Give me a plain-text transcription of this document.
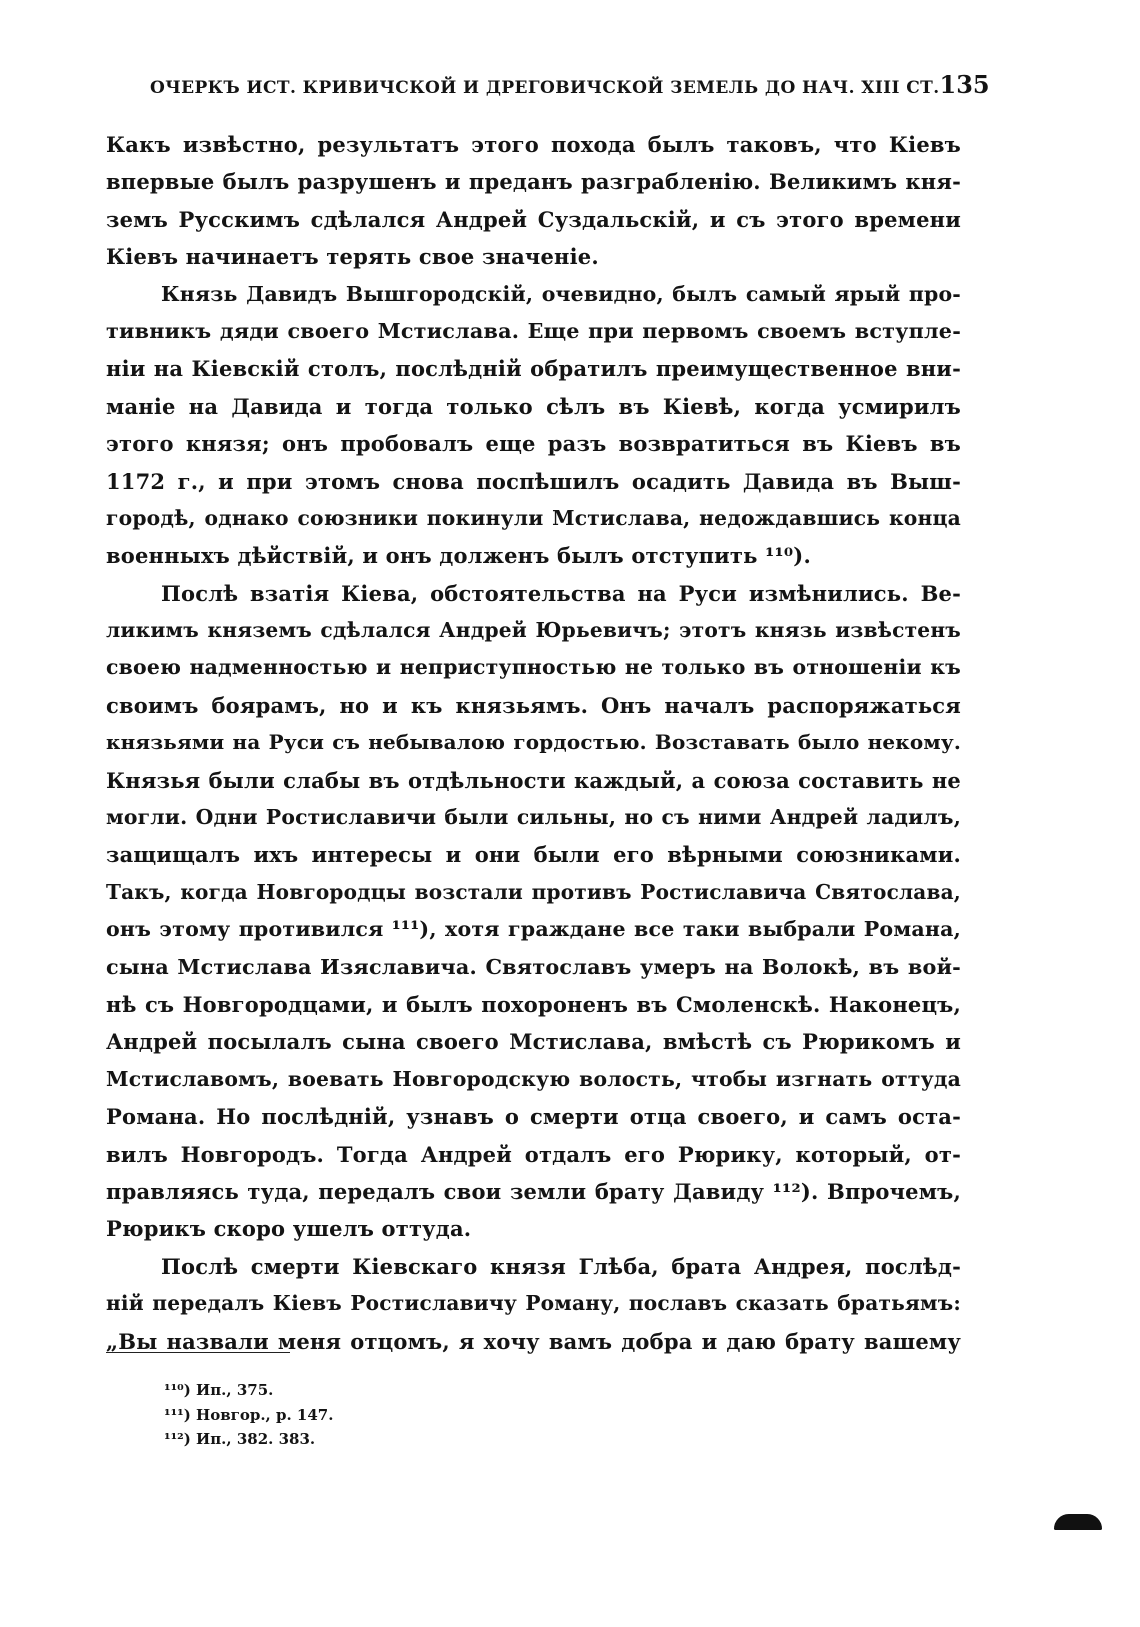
ОЧЕРКЪ ИСТ. КРИВИЧСКОЙ И ДРЕГОВИЧСКОЙ ЗЕМЕЛЬ ДО НАЧ. XIII СТ. 135
Какъ извѣстно, результатъ этого похода былъ таковъ, что Кіевъ
впервые былъ разрушенъ и преданъ разграбленію. Великимъ кня-
земъ Русскимъ сдѣлался Андрей Суздальскій, и съ этого времени
Кіевъ начинаетъ терять свое значеніе.
Князь Давидъ Вышгородскій, очевидно, былъ самый ярый про-
тивникъ дяди своего Мстислава. Еще при первомъ своемъ вступле-
ніи на Кіевскій столъ, послѣдній обратилъ преимущественное вни-
маніе на Давида и тогда только сѣлъ въ Кіевѣ, когда усмирилъ
этого князя; онъ пробовалъ еще разъ возвратиться въ Кіевъ въ
1172 г., и при этомъ снова поспѣшилъ осадить Давида въ Выш-
городѣ, однако союзники покинули Мстислава, недождавшись конца
военныхъ дѣйствій, и онъ долженъ былъ отступить ¹¹⁰).
Послѣ взатія Кіева, обстоятельства на Руси измѣнились. Ве-
ликимъ княземъ сдѣлался Андрей Юрьевичъ; этотъ князь извѣстенъ
своею надменностью и неприступностью не только въ отношеніи къ
своимъ боярамъ, но и къ князьямъ. Онъ началъ распоряжаться
князьями на Руси съ небывалою гордостью. Возставать было некому.
Князья были слабы въ отдѣльности каждый, а союза составить не
могли. Одни Ростиславичи были сильны, но съ ними Андрей ладилъ,
защищалъ ихъ интересы и они были его вѣрными союзниками.
Такъ, когда Новгородцы возстали противъ Ростиславича Святослава,
онъ этому противился ¹¹¹), хотя граждане все таки выбрали Романа,
сына Мстислава Изяславича. Святославъ умеръ на Волокѣ, въ вой-
нѣ съ Новгородцами, и былъ похороненъ въ Смоленскѣ. Наконецъ,
Андрей посылалъ сына своего Мстислава, вмѣстѣ съ Рюрикомъ и
Мстиславомъ, воевать Новгородскую волость, чтобы изгнать оттуда
Романа. Но послѣдній, узнавъ о смерти отца своего, и самъ оста-
вилъ Новгородъ. Тогда Андрей отдалъ его Рюрику, который, от-
правляясь туда, передалъ свои земли брату Давиду ¹¹²). Впрочемъ,
Рюрикъ скоро ушелъ оттуда.
Послѣ смерти Кіевскаго князя Глѣба, брата Андрея, послѣд-
ній передалъ Кіевъ Ростиславичу Роману, пославъ сказать братьямъ:
„Вы назвали меня отцомъ, я хочу вамъ добра и даю брату вашему
¹¹⁰) Ип., 375.
¹¹¹) Новгор., р. 147.
¹¹²) Ип., 382. 383.
